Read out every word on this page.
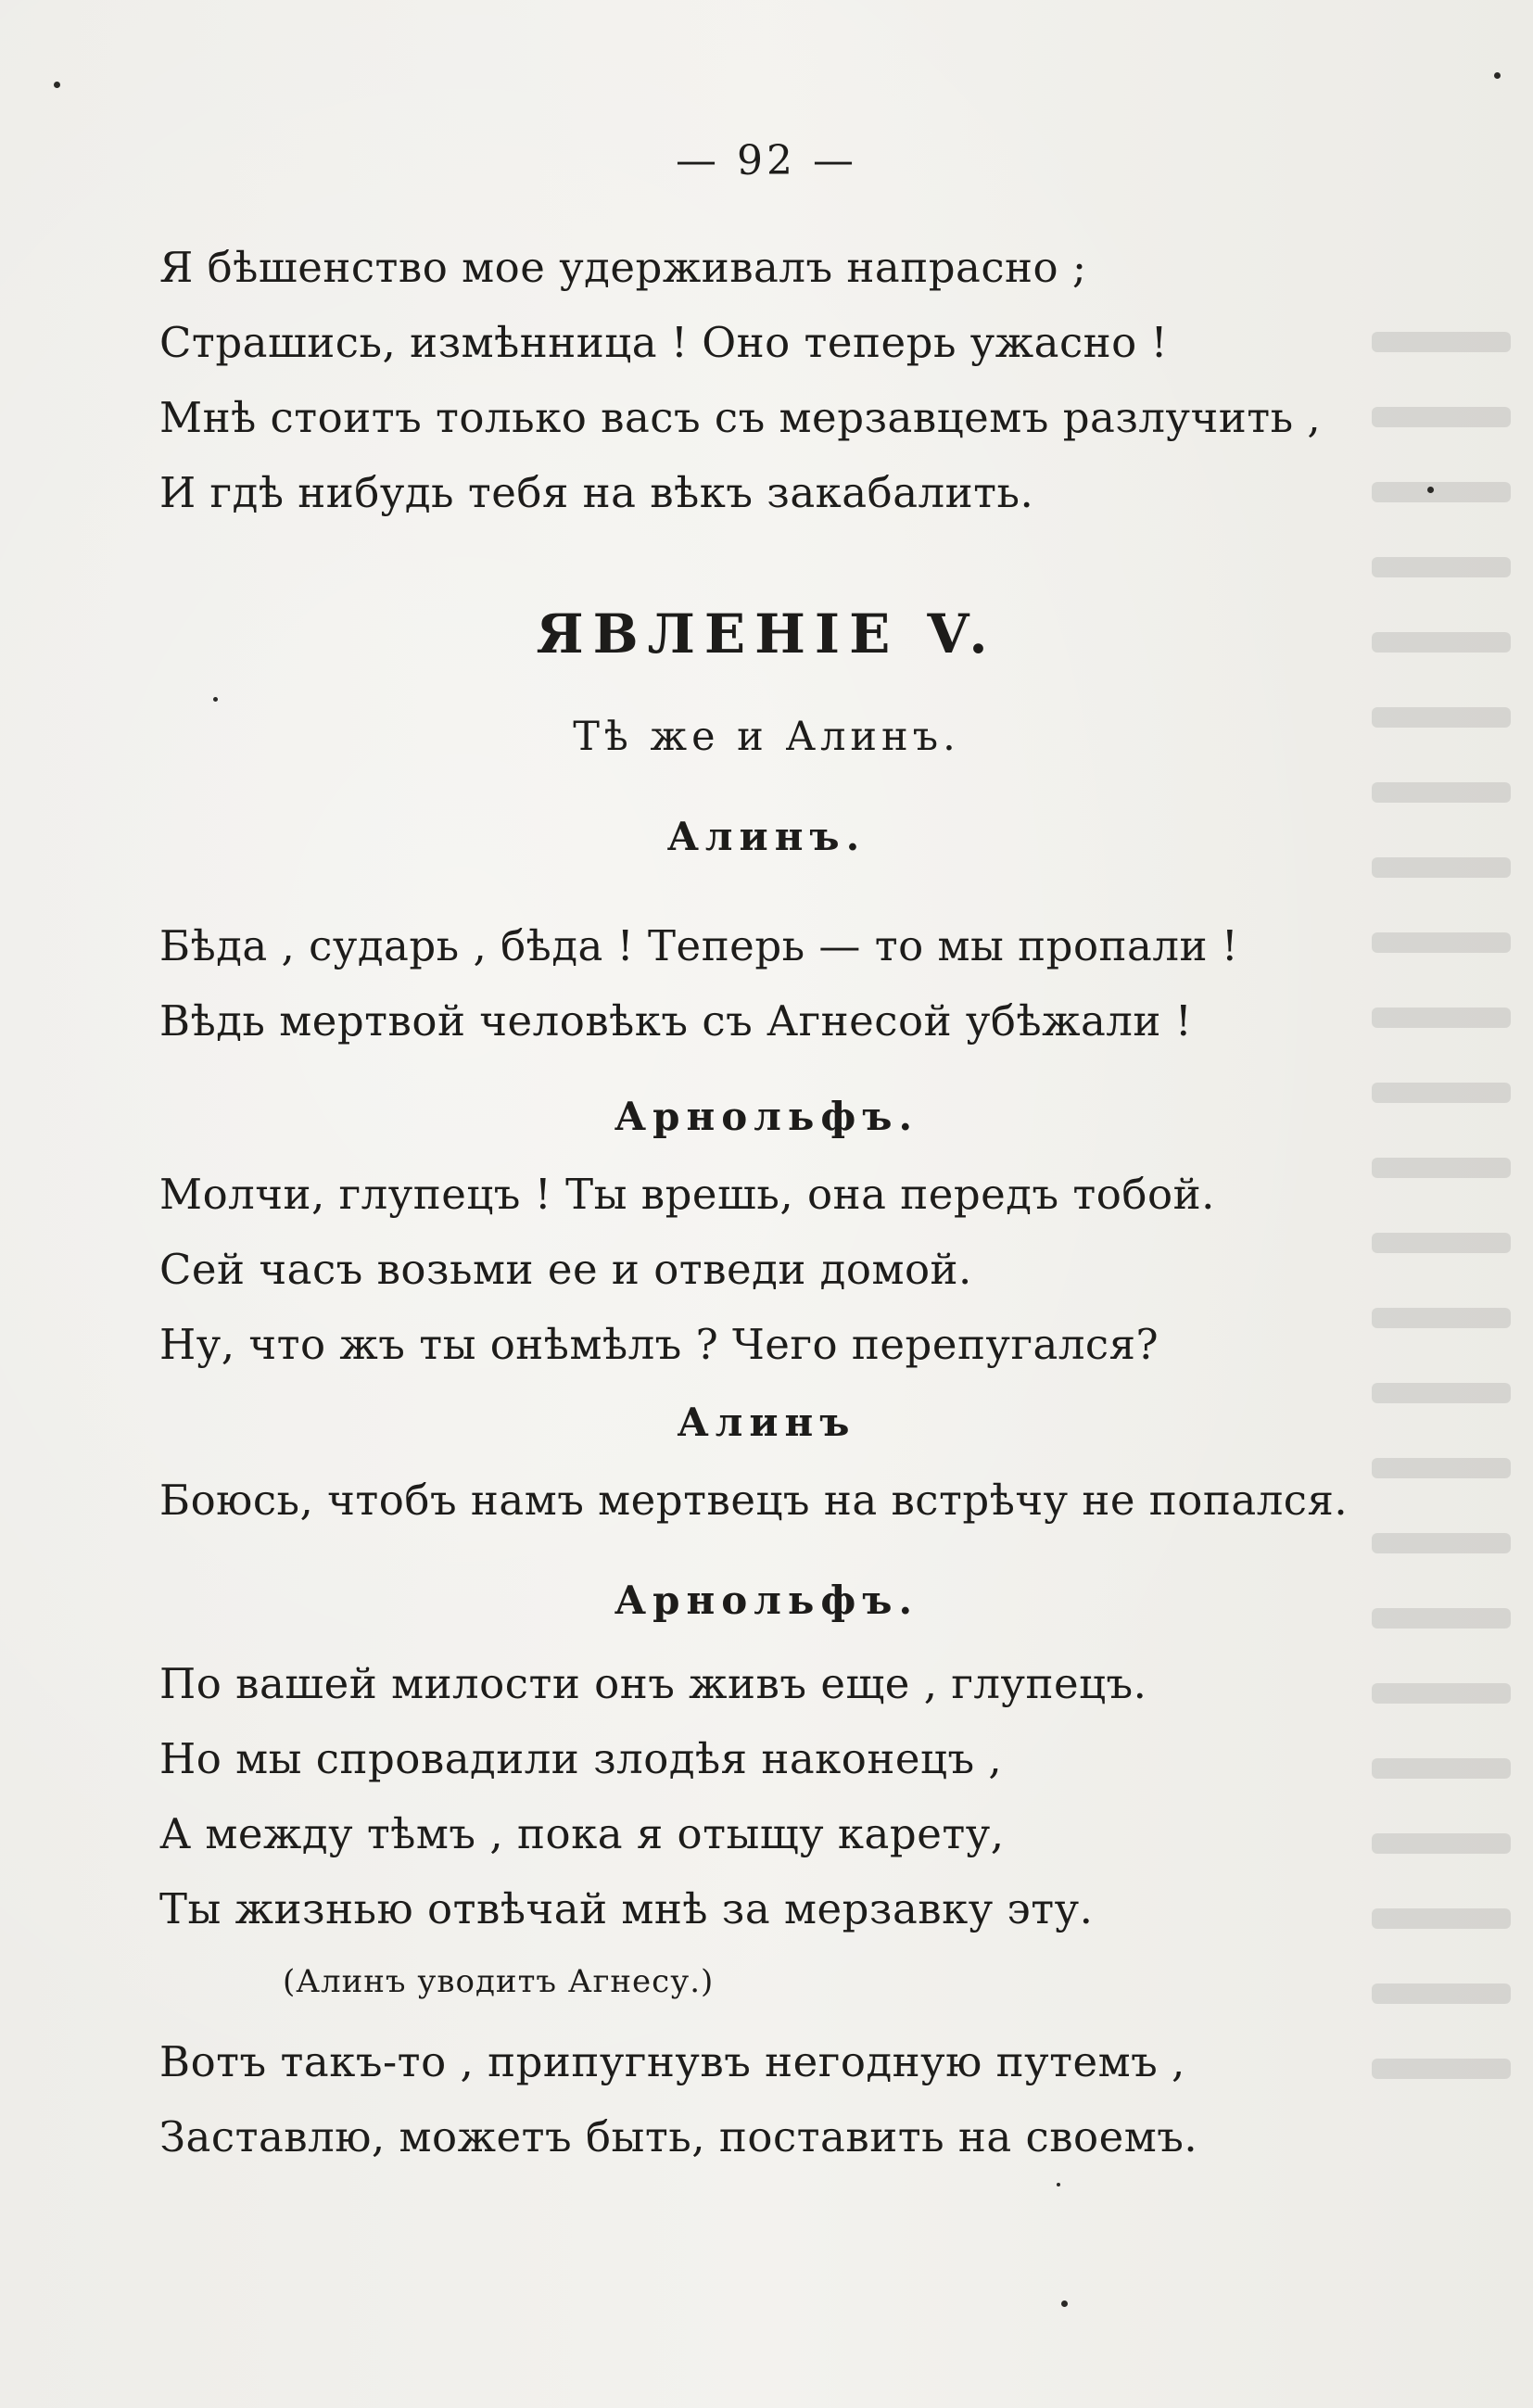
— 92 —
Я бѣшенство мое удерживалъ напрасно ;
Страшись, измѣнница ! Оно теперь ужасно !
Мнѣ стоитъ только васъ съ мерзавцемъ разлучить ,
И гдѣ нибудь тебя на вѣкъ закабалить.
ЯВЛЕНІЕ V.
Тѣ же и Алинъ.
Алинъ.
Бѣда , сударь , бѣда ! Теперь — то мы пропали !
Вѣдь мертвой человѣкъ съ Агнесой убѣжали !
Арнольфъ.
Молчи, глупецъ ! Ты врешь, она передъ тобой.
Сей часъ возьми ее и отведи домой.
Ну, что жъ ты онѣмѣлъ ? Чего перепугался?
Алинъ
Боюсь, чтобъ намъ мертвецъ на встрѣчу не попался.
Арнольфъ.
По вашей милости онъ живъ еще , глупецъ.
Но мы спровадили злодѣя наконецъ ,
А между тѣмъ , пока я отыщу карету,
Ты жизнью отвѣчай мнѣ за мерзавку эту.
(Алинъ уводитъ Агнесу.)
Вотъ такъ-то , припугнувъ негодную путемъ ,
Заставлю, можетъ быть, поставить на своемъ.
